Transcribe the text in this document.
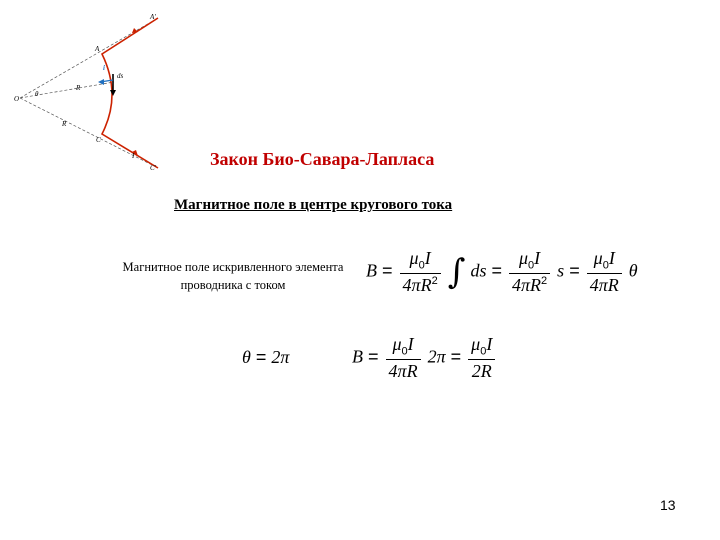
A'
A
i
ds
R
O
θ
R
C
I
C'	Закон Био-Савара-Лапласа
Магнитное поле в центре кругового тока
Магнитное поле искривленного элемента проводника с током
$B = \frac{\mu_0I}{4\pi R^2}$ ∫ ds = $\frac{\mu_0I}{4\pi R^2}$ $s = \frac{\mu_0I}{4\pi R}$ θ
θ = 2π	$B = \frac{\mu_0I}{4\pi R} 2\pi = \frac{\mu_0I}{2R}$
13
